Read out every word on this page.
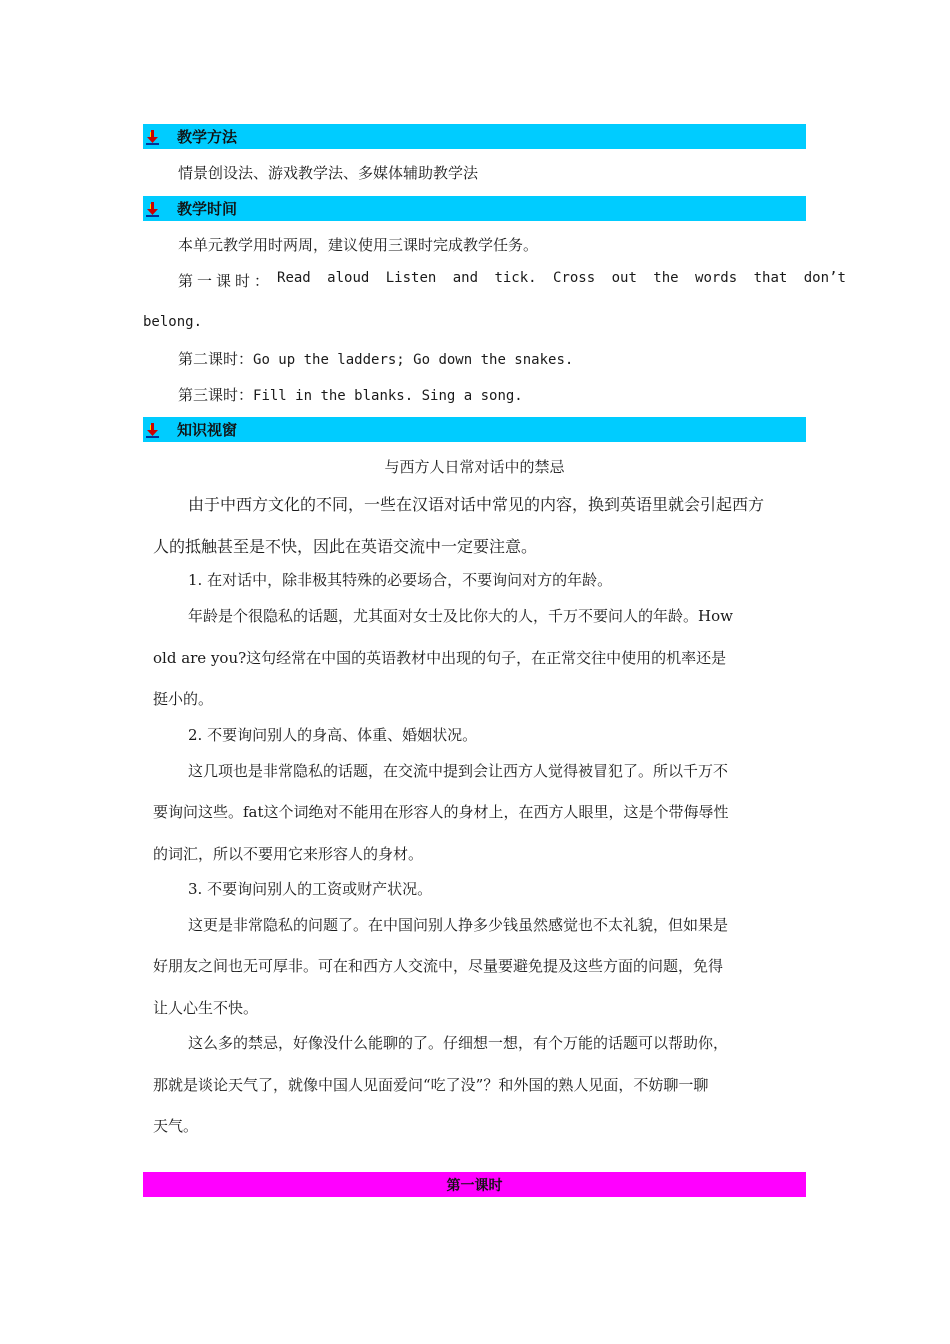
教学方法
情景创设法、游戏教学法、多媒体辅助教学法
教学时间
本单元教学用时两周，建议使用三课时完成教学任务。
第一课时： Read aloud Listen and tick. Cross out the words that don’t
belong.
第二课时：Go up the ladders; Go down the snakes.
第三课时：Fill in the blanks. Sing a song.
知识视窗
与西方人日常对话中的禁忌
由于中西方文化的不同，一些在汉语对话中常见的内容，换到英语里就会引起西方
人的抵触甚至是不快，因此在英语交流中一定要注意。
1. 在对话中，除非极其特殊的必要场合，不要询问对方的年龄。
年龄是个很隐私的话题，尤其面对女士及比你大的人，千万不要问人的年龄。How
old are you?这句经常在中国的英语教材中出现的句子，在正常交往中使用的机率还是
挺小的。
2. 不要询问别人的身高、体重、婚姻状况。
这几项也是非常隐私的话题，在交流中提到会让西方人觉得被冒犯了。所以千万不
要询问这些。fat这个词绝对不能用在形容人的身材上，在西方人眼里，这是个带侮辱性
的词汇，所以不要用它来形容人的身材。
3. 不要询问别人的工资或财产状况。
这更是非常隐私的问题了。在中国问别人挣多少钱虽然感觉也不太礼貌，但如果是
好朋友之间也无可厚非。可在和西方人交流中，尽量要避免提及这些方面的问题，免得
让人心生不快。
这么多的禁忌，好像没什么能聊的了。仔细想一想，有个万能的话题可以帮助你，
那就是谈论天气了，就像中国人见面爱问“吃了没”？和外国的熟人见面，不妨聊一聊
天气。
第一课时
